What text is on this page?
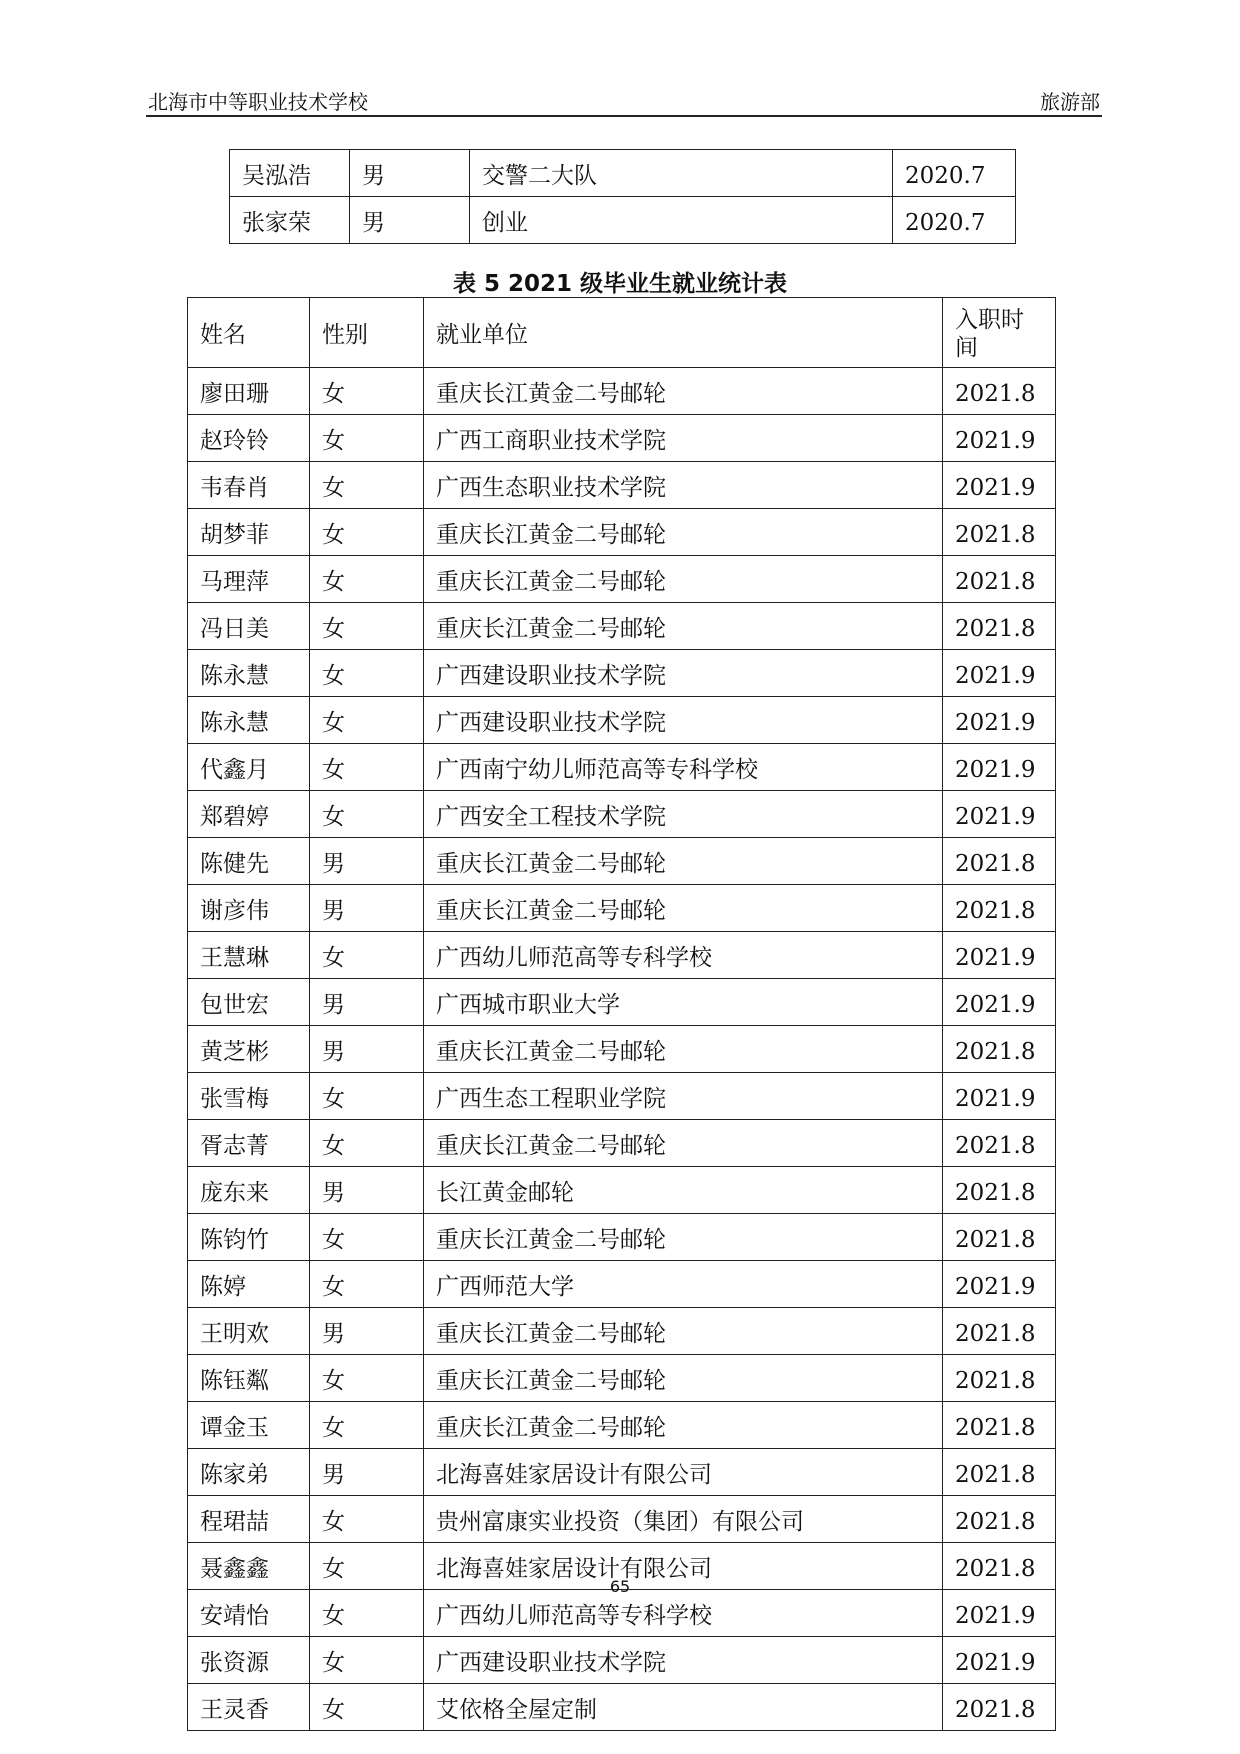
北海市中等职业技术学校	旅游部
吴泓浩	男	交警二大队	2020.7
张家荣	男	创业	2020.7
表 5 2021 级毕业生就业统计表
姓名	性别	就业单位	入职时间
廖田珊	女	重庆长江黄金二号邮轮	2021.8
赵玲铃	女	广西工商职业技术学院	2021.9
韦春肖	女	广西生态职业技术学院	2021.9
胡梦菲	女	重庆长江黄金二号邮轮	2021.8
马理萍	女	重庆长江黄金二号邮轮	2021.8
冯日美	女	重庆长江黄金二号邮轮	2021.8
陈永慧	女	广西建设职业技术学院	2021.9
陈永慧	女	广西建设职业技术学院	2021.9
代鑫月	女	广西南宁幼儿师范高等专科学校	2021.9
郑碧婷	女	广西安全工程技术学院	2021.9
陈健先	男	重庆长江黄金二号邮轮	2021.8
谢彦伟	男	重庆长江黄金二号邮轮	2021.8
王慧琳	女	广西幼儿师范高等专科学校	2021.9
包世宏	男	广西城市职业大学	2021.9
黄芝彬	男	重庆长江黄金二号邮轮	2021.8
张雪梅	女	广西生态工程职业学院	2021.9
胥志菁	女	重庆长江黄金二号邮轮	2021.8
庞东来	男	长江黄金邮轮	2021.8
陈钧竹	女	重庆长江黄金二号邮轮	2021.8
陈婷	女	广西师范大学	2021.9
王明欢	男	重庆长江黄金二号邮轮	2021.8
陈钰粼	女	重庆长江黄金二号邮轮	2021.8
谭金玉	女	重庆长江黄金二号邮轮	2021.8
陈家弟	男	北海喜娃家居设计有限公司	2021.8
程珺喆	女	贵州富康实业投资（集团）有限公司	2021.8
聂鑫鑫	女	北海喜娃家居设计有限公司	2021.8
安靖怡	女	广西幼儿师范高等专科学校	2021.9
张资源	女	广西建设职业技术学院	2021.9
王灵香	女	艾依格全屋定制	2021.8
65
